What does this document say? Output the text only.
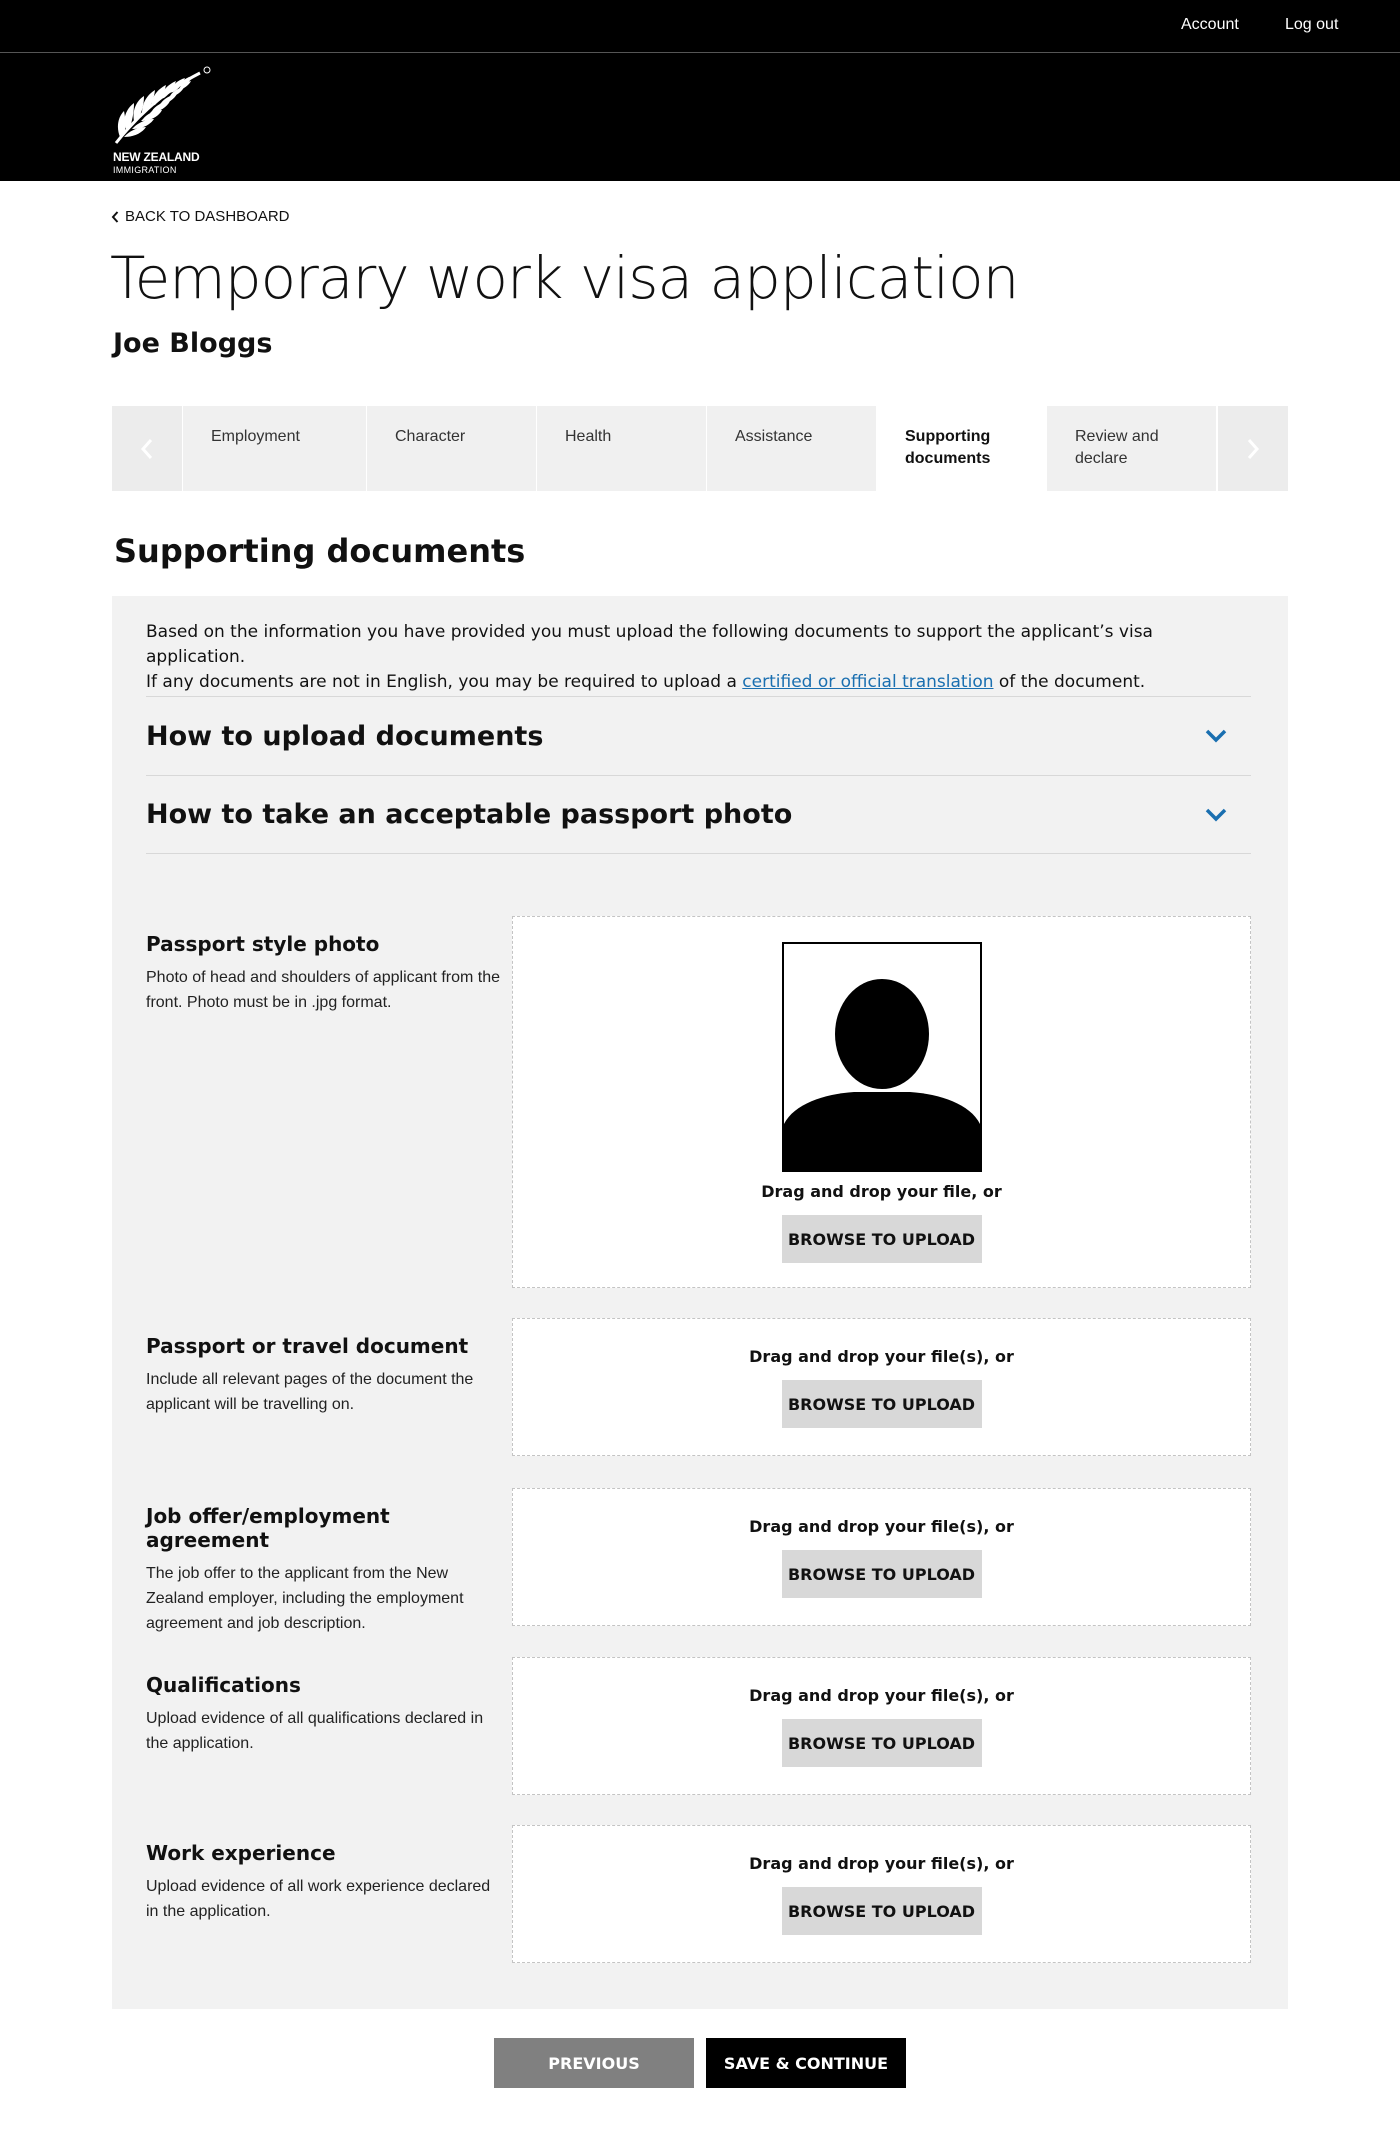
Account	Log out
NEW ZEALAND
IMMIGRATION
BACK TO DASHBOARD
Temporary work visa application
Joe Bloggs
Employment	Character	Health	Assistance	Supporting documents
Review and declare
Supporting documents
Based on the information you have provided you must upload the following documents to support the applicant’s visa application.
If any documents are not in English, you may be required to upload a certified or official translation of the document.
How to upload documents
How to take an acceptable passport photo
Passport style photo

Photo of head and shoulders of applicant from the front. Photo must be in .jpg format.

Drag and drop your file, or
BROWSE TO UPLOAD
Passport or travel document

Include all relevant pages of the document the applicant will be travelling on.

Drag and drop your file(s), or
BROWSE TO UPLOAD
Job offer/employment agreement

The job offer to the applicant from the New Zealand employer, including the employment agreement and job description.

Drag and drop your file(s), or
BROWSE TO UPLOAD
Qualifications

Upload evidence of all qualifications declared in the application.

Drag and drop your file(s), or
BROWSE TO UPLOAD
Work experience

Upload evidence of all work experience declared in the application.

Drag and drop your file(s), or
BROWSE TO UPLOAD
PREVIOUS	SAVE & CONTINUE
